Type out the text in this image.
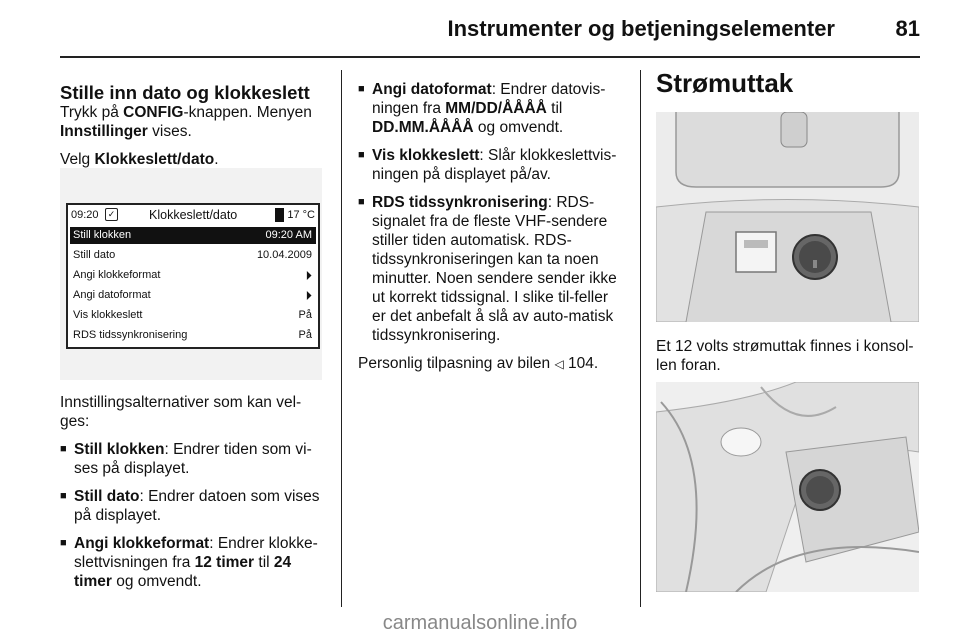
Instrumenter og betjeningselementer	81
Stille inn dato og klokkeslett

Trykk på CONFIG-knappen. Menyen Innstillinger vises.

Velg Klokkeslett/dato.

09:20	✓	Klokkeslett/dato	17 °C
Still klokken	09:20 AM
Still dato	10.04.2009
Angi klokkeformat	⏵
Angi datoformat	⏵
Vis klokkeslett	På
RDS tidssynkronisering	På

Innstillingsalternativer som kan vel-ges:

■ Still klokken: Endrer tiden som vi-ses på displayet.
■ Still dato: Endrer datoen som vises på displayet.
■ Angi klokkeformat: Endrer klokke-slettvisningen fra 12 timer til 24 timer og omvendt.
■ Angi datoformat: Endrer datovis-ningen fra MM/DD/ÅÅÅÅ til DD.MM.ÅÅÅÅ og omvendt.
■ Vis klokkeslett: Slår klokkeslettvis-ningen på displayet på/av.
■ RDS tidssynkronisering: RDS-signalet fra de fleste VHF-sendere stiller tiden automatisk. RDS-tidssynkroniseringen kan ta noen minutter. Noen sendere sender ikke ut korrekt tidssignal. I slike til-feller er det anbefalt å slå av auto-matisk tidssynkronisering.

Personlig tilpasning av bilen ◁ 104.

Strømuttak

Et 12 volts strømuttak finnes i konsol-len foran.

carmanualsonline.info
